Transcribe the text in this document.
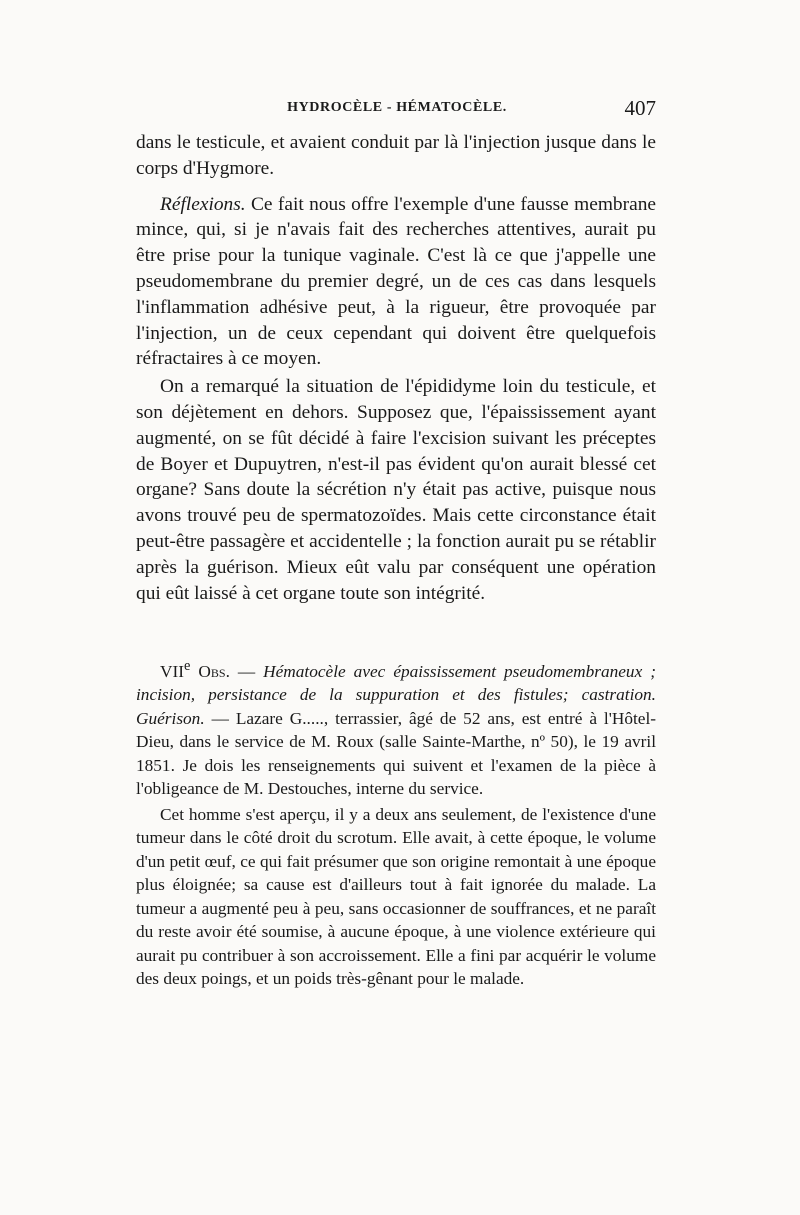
HYDROCÈLE - HÉMATOCÈLE.	407

dans le testicule, et avaient conduit par là l'injection jusque dans le corps d'Hygmore.

Réflexions. Ce fait nous offre l'exemple d'une fausse membrane mince, qui, si je n'avais fait des recherches attentives, aurait pu être prise pour la tunique vaginale. C'est là ce que j'appelle une pseudomembrane du premier degré, un de ces cas dans lesquels l'inflammation adhésive peut, à la rigueur, être provoquée par l'injection, un de ceux cependant qui doivent être quelquefois réfractaires à ce moyen.

On a remarqué la situation de l'épididyme loin du testicule, et son déjètement en dehors. Supposez que, l'épaississement ayant augmenté, on se fût décidé à faire l'excision suivant les préceptes de Boyer et Dupuytren, n'est-il pas évident qu'on aurait blessé cet organe? Sans doute la sécrétion n'y était pas active, puisque nous avons trouvé peu de spermatozoïdes. Mais cette circonstance était peut-être passagère et accidentelle ; la fonction aurait pu se rétablir après la guérison. Mieux eût valu par conséquent une opération qui eût laissé à cet organe toute son intégrité.

VIIe Obs. — Hématocèle avec épaississement pseudomembraneux ; incision, persistance de la suppuration et des fistules; castration. Guérison. — Lazare G....., terrassier, âgé de 52 ans, est entré à l'Hôtel-Dieu, dans le service de M. Roux (salle Sainte-Marthe, nº 50), le 19 avril 1851. Je dois les renseignements qui suivent et l'examen de la pièce à l'obligeance de M. Destouches, interne du service.

Cet homme s'est aperçu, il y a deux ans seulement, de l'existence d'une tumeur dans le côté droit du scrotum. Elle avait, à cette époque, le volume d'un petit œuf, ce qui fait présumer que son origine remontait à une époque plus éloignée; sa cause est d'ailleurs tout à fait ignorée du malade. La tumeur a augmenté peu à peu, sans occasionner de souffrances, et ne paraît du reste avoir été soumise, à aucune époque, à une violence extérieure qui aurait pu contribuer à son accroissement. Elle a fini par acquérir le volume des deux poings, et un poids très-gênant pour le malade.
